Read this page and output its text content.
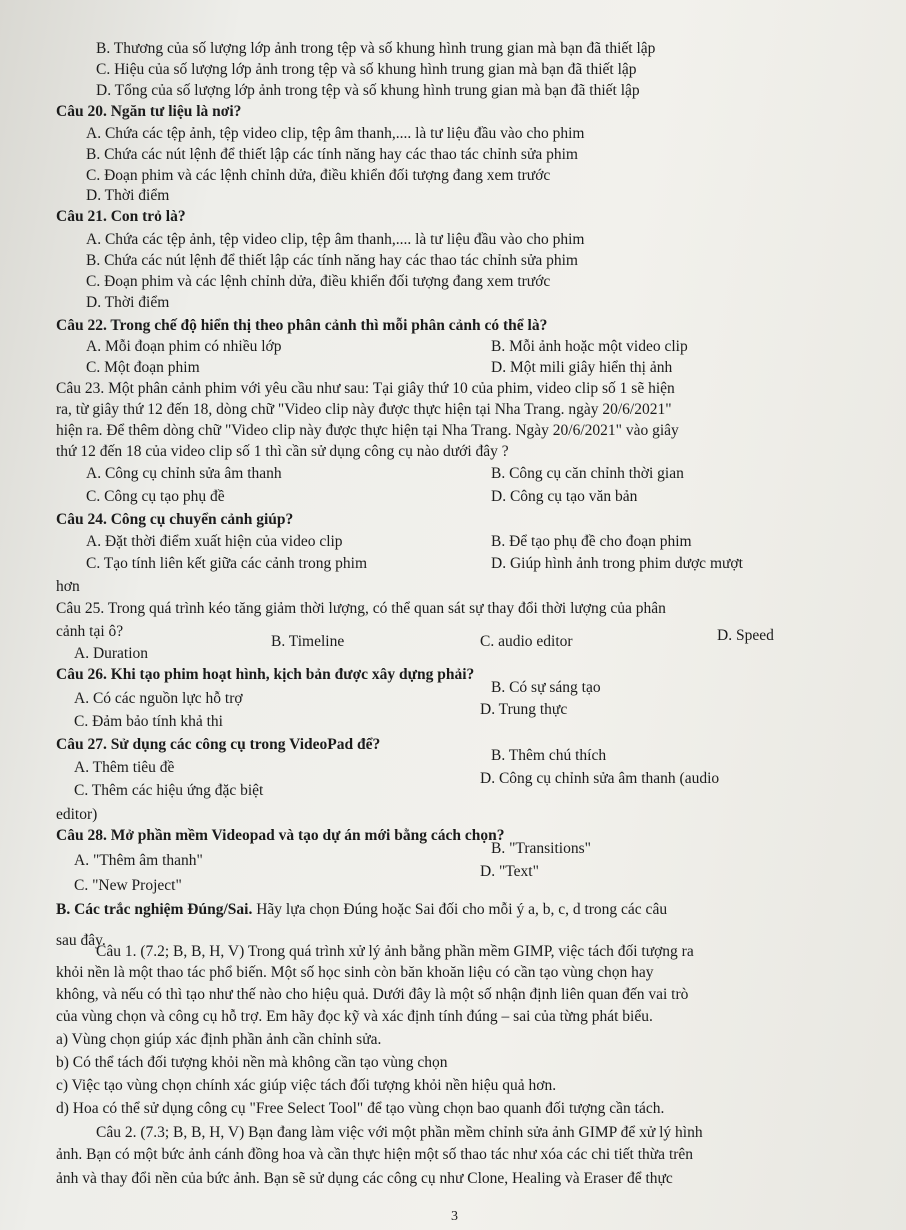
B. Thương của số lượng lớp ảnh trong tệp và số khung hình trung gian mà bạn đã thiết lập
C. Hiệu của số lượng lớp ảnh trong tệp và số khung hình trung gian mà bạn đã thiết lập
D. Tổng của số lượng lớp ảnh trong tệp và số khung hình trung gian mà bạn đã thiết lập
Câu 20. Ngăn tư liệu là nơi?
A. Chứa các tệp ảnh, tệp video clip, tệp âm thanh,.... là tư liệu đầu vào cho phim
B. Chứa các nút lệnh để thiết lập các tính năng hay các thao tác chỉnh sửa phim
C. Đoạn phim và các lệnh chỉnh dửa, điều khiển đối tượng đang xem trước
D. Thời điểm
Câu 21. Con trỏ là?
A. Chứa các tệp ảnh, tệp video clip, tệp âm thanh,.... là tư liệu đầu vào cho phim
B. Chứa các nút lệnh để thiết lập các tính năng hay các thao tác chỉnh sửa phim
C. Đoạn phim và các lệnh chỉnh dửa, điều khiển đối tượng đang xem trước
D. Thời điểm
Câu 22. Trong chế độ hiển thị theo phân cảnh thì mỗi phân cảnh có thể là?
A. Mỗi đoạn phim có nhiều lớp	B. Mỗi ảnh hoặc một video clip
C. Một đoạn phim	D. Một mili giây hiển thị ảnh
Câu 23. Một phân cảnh phim với yêu cầu như sau: Tại giây thứ 10 của phim, video clip số 1 sẽ hiện
ra, từ giây thứ 12 đến 18, dòng chữ "Video clip này được thực hiện tại Nha Trang. ngày 20/6/2021"
hiện ra. Để thêm dòng chữ "Video clip này được thực hiện tại Nha Trang. Ngày 20/6/2021" vào giây
thứ 12 đến 18 của video clip số 1 thì cần sử dụng công cụ nào dưới đây ?
A. Công cụ chỉnh sửa âm thanh	B. Công cụ căn chỉnh thời gian
C. Công cụ tạo phụ đề	D. Công cụ tạo văn bản
Câu 24. Công cụ chuyển cảnh giúp?
A. Đặt thời điểm xuất hiện của video clip	B. Để tạo phụ đề cho đoạn phim
C. Tạo tính liên kết giữa các cảnh trong phim	D. Giúp hình ảnh trong phim dược mượt
hơn
Câu 25. Trong quá trình kéo tăng giảm thời lượng, có thể quan sát sự thay đổi thời lượng của phân
cảnh tại ô?
A. Duration
B. Timeline	C. audio editor	D. Speed
Câu 26. Khi tạo phim hoạt hình, kịch bản được xây dựng phải?
A. Có các nguồn lực hỗ trợ
B. Có sự sáng tạo
C. Đảm bảo tính khả thi
D. Trung thực
Câu 27. Sử dụng các công cụ trong VideoPad để?
A. Thêm tiêu đề
B. Thêm chú thích
C. Thêm các hiệu ứng đặc biệt
D. Công cụ chỉnh sửa âm thanh (audio
editor)
Câu 28. Mở phần mềm Videopad và tạo dự án mới bằng cách chọn?
A. "Thêm âm thanh"
B. "Transitions"
C. "New Project"
D. "Text"
B. Các trắc nghiệm Đúng/Sai. Hãy lựa chọn Đúng hoặc Sai đối cho mỗi ý a, b, c, d trong các câu
sau đây.
Câu 1. (7.2; B, B, H, V) Trong quá trình xử lý ảnh bằng phần mềm GIMP, việc tách đối tượng ra
khỏi nền là một thao tác phổ biến. Một số học sinh còn băn khoăn liệu có cần tạo vùng chọn hay
không, và nếu có thì tạo như thế nào cho hiệu quả. Dưới đây là một số nhận định liên quan đến vai trò
của vùng chọn và công cụ hỗ trợ. Em hãy đọc kỹ và xác định tính đúng – sai của từng phát biểu.
a) Vùng chọn giúp xác định phần ảnh cần chỉnh sửa.
b) Có thể tách đối tượng khỏi nền mà không cần tạo vùng chọn
c) Việc tạo vùng chọn chính xác giúp việc tách đối tượng khỏi nền hiệu quả hơn.
d) Hoa có thể sử dụng công cụ "Free Select Tool" để tạo vùng chọn bao quanh đối tượng cần tách.
Câu 2. (7.3; B, B, H, V) Bạn đang làm việc với một phần mềm chỉnh sửa ảnh GIMP để xử lý hình
ảnh. Bạn có một bức ảnh cánh đồng hoa và cần thực hiện một số thao tác như xóa các chi tiết thừa trên
ảnh và thay đổi nền của bức ảnh. Bạn sẽ sử dụng các công cụ như Clone, Healing và Eraser để thực
3
